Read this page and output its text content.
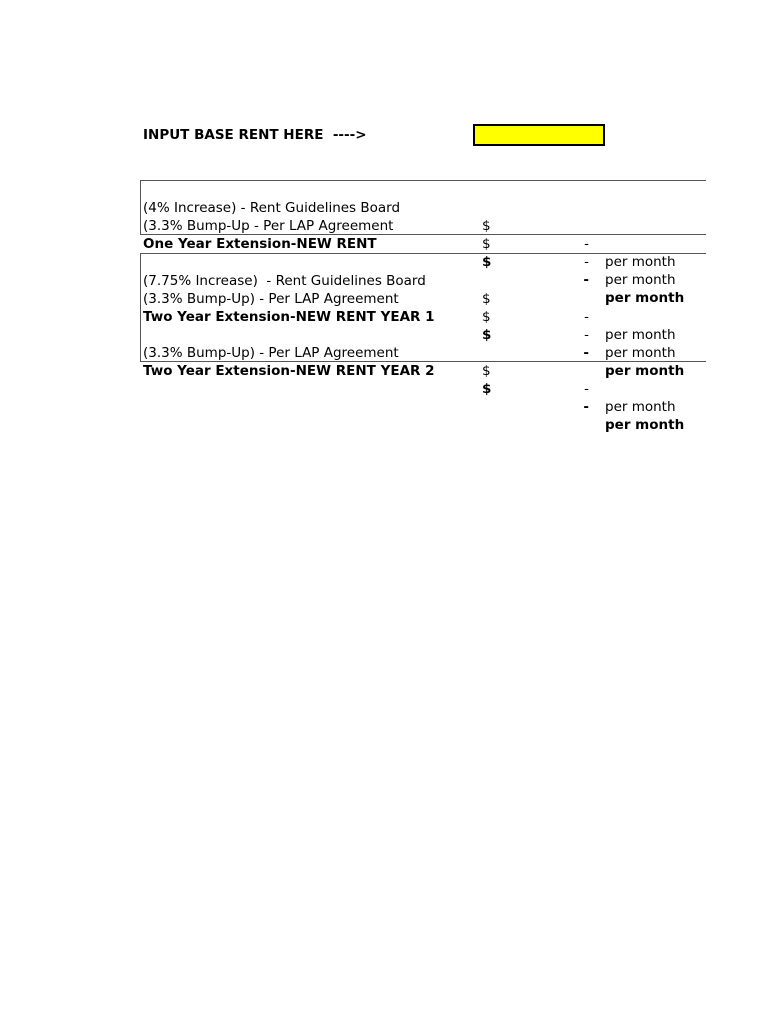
INPUT BASE RENT HERE  ---->

(4% Increase) - Rent Guidelines Board

$

-

per month

(3.3% Bump-Up - Per LAP Agreement

$

-

per month

One Year Extension-NEW RENT

$

-

per month

(7.75% Increase)  - Rent Guidelines Board

$

-

per month

(3.3% Bump-Up) - Per LAP Agreement

$

-

per month

Two Year Extension-NEW RENT YEAR 1

$

-

per month

(3.3% Bump-Up) - Per LAP Agreement

$

-

per month

Two Year Extension-NEW RENT YEAR 2

$

-

per month
